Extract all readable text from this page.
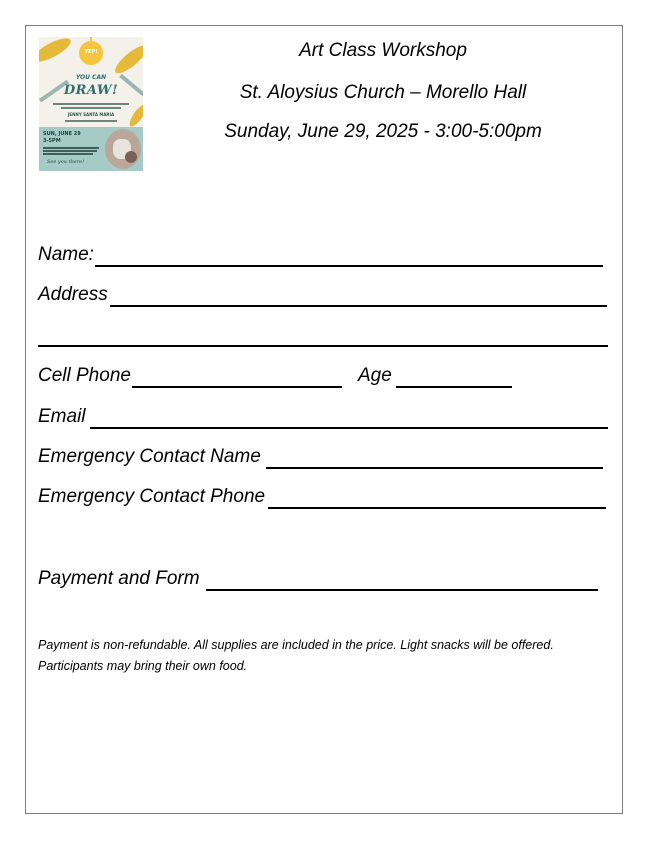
YEP!
YOU CAN
DRAW!
JENNY SANTA MARIA
SUN, JUNE 29
3-5PM
See you there!
Art Class Workshop
St. Aloysius Church – Morello Hall
Sunday, June 29, 2025 - 3:00-5:00pm
Name:
Address
Cell Phone	Age
Email
Emergency Contact Name
Emergency Contact Phone
Payment and Form
Payment is non-refundable. All supplies are included in the price. Light snacks will be offered. Participants may bring their own food.
